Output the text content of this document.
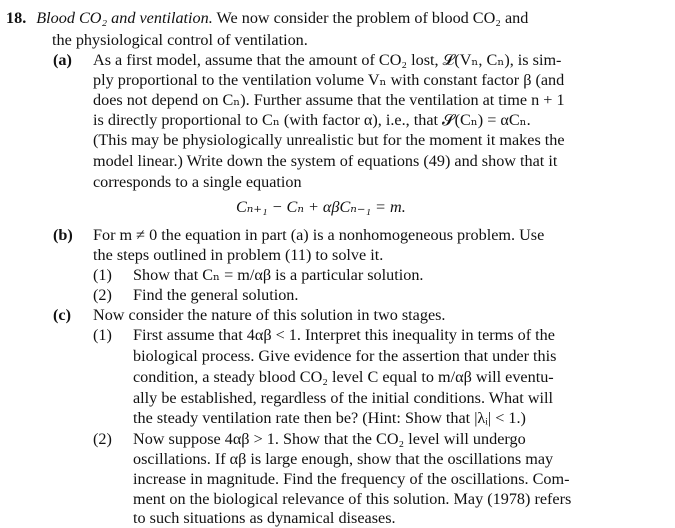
18. Blood CO₂ and ventilation. We now consider the problem of blood CO₂ and
the physiological control of ventilation.
(a) As a first model, assume that the amount of CO₂ lost, 𝓛(Vₙ, Cₙ), is sim-
ply proportional to the ventilation volume Vₙ with constant factor β (and
does not depend on Cₙ). Further assume that the ventilation at time n + 1
is directly proportional to Cₙ (with factor α), i.e., that 𝓢(Cₙ) = αCₙ.
(This may be physiologically unrealistic but for the moment it makes the
model linear.) Write down the system of equations (49) and show that it
corresponds to a single equation
Cₙ₊₁ − Cₙ + αβCₙ₋₁ = m.
(b) For m ≠ 0 the equation in part (a) is a nonhomogeneous problem. Use
the steps outlined in problem (11) to solve it.
(1) Show that Cₙ = m/αβ is a particular solution.
(2) Find the general solution.
(c) Now consider the nature of this solution in two stages.
(1) First assume that 4αβ < 1. Interpret this inequality in terms of the
biological process. Give evidence for the assertion that under this
condition, a steady blood CO₂ level C equal to m/αβ will eventu-
ally be established, regardless of the initial conditions. What will
the steady ventilation rate then be? (Hint: Show that |λᵢ| < 1.)
(2) Now suppose 4αβ > 1. Show that the CO₂ level will undergo
oscillations. If αβ is large enough, show that the oscillations may
increase in magnitude. Find the frequency of the oscillations. Com-
ment on the biological relevance of this solution. May (1978) refers
to such situations as dynamical diseases.
